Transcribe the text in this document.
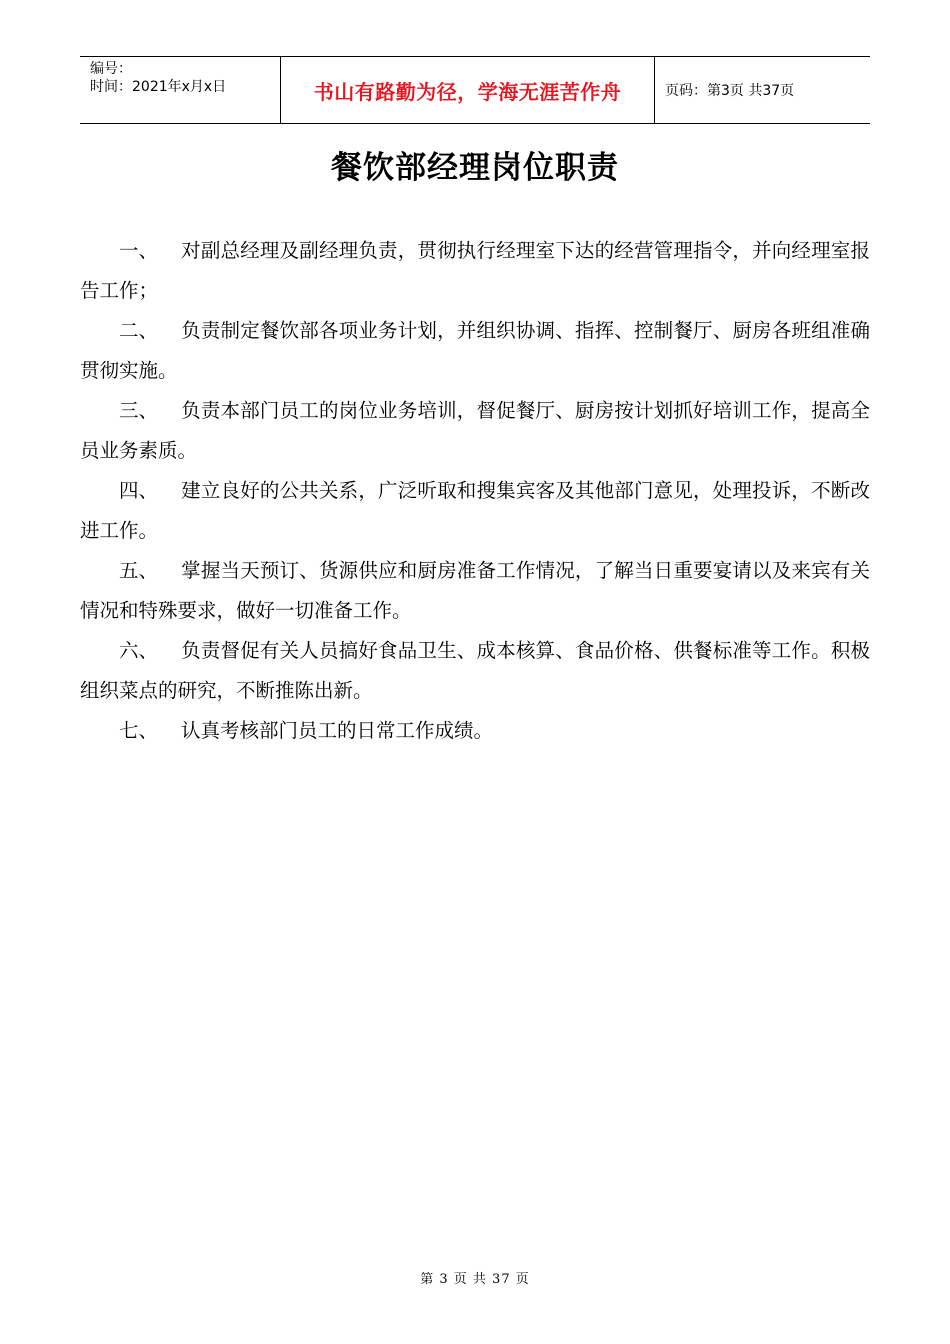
编号：
时间：2021年x月x日	书山有路勤为径，学海无涯苦作舟	页码：第3页 共37页
餐饮部经理岗位职责

一、 对副总经理及副经理负责，贯彻执行经理室下达的经营管理指令，并向经理室报告工作；

二、 负责制定餐饮部各项业务计划，并组织协调、指挥、控制餐厅、厨房各班组准确贯彻实施。

三、 负责本部门员工的岗位业务培训，督促餐厅、厨房按计划抓好培训工作，提高全员业务素质。

四、 建立良好的公共关系，广泛听取和搜集宾客及其他部门意见，处理投诉，不断改进工作。

五、 掌握当天预订、货源供应和厨房准备工作情况，了解当日重要宴请以及来宾有关情况和特殊要求，做好一切准备工作。

六、 负责督促有关人员搞好食品卫生、成本核算、食品价格、供餐标准等工作。积极组织菜点的研究，不断推陈出新。

七、 认真考核部门员工的日常工作成绩。

第 3 页 共 37 页
